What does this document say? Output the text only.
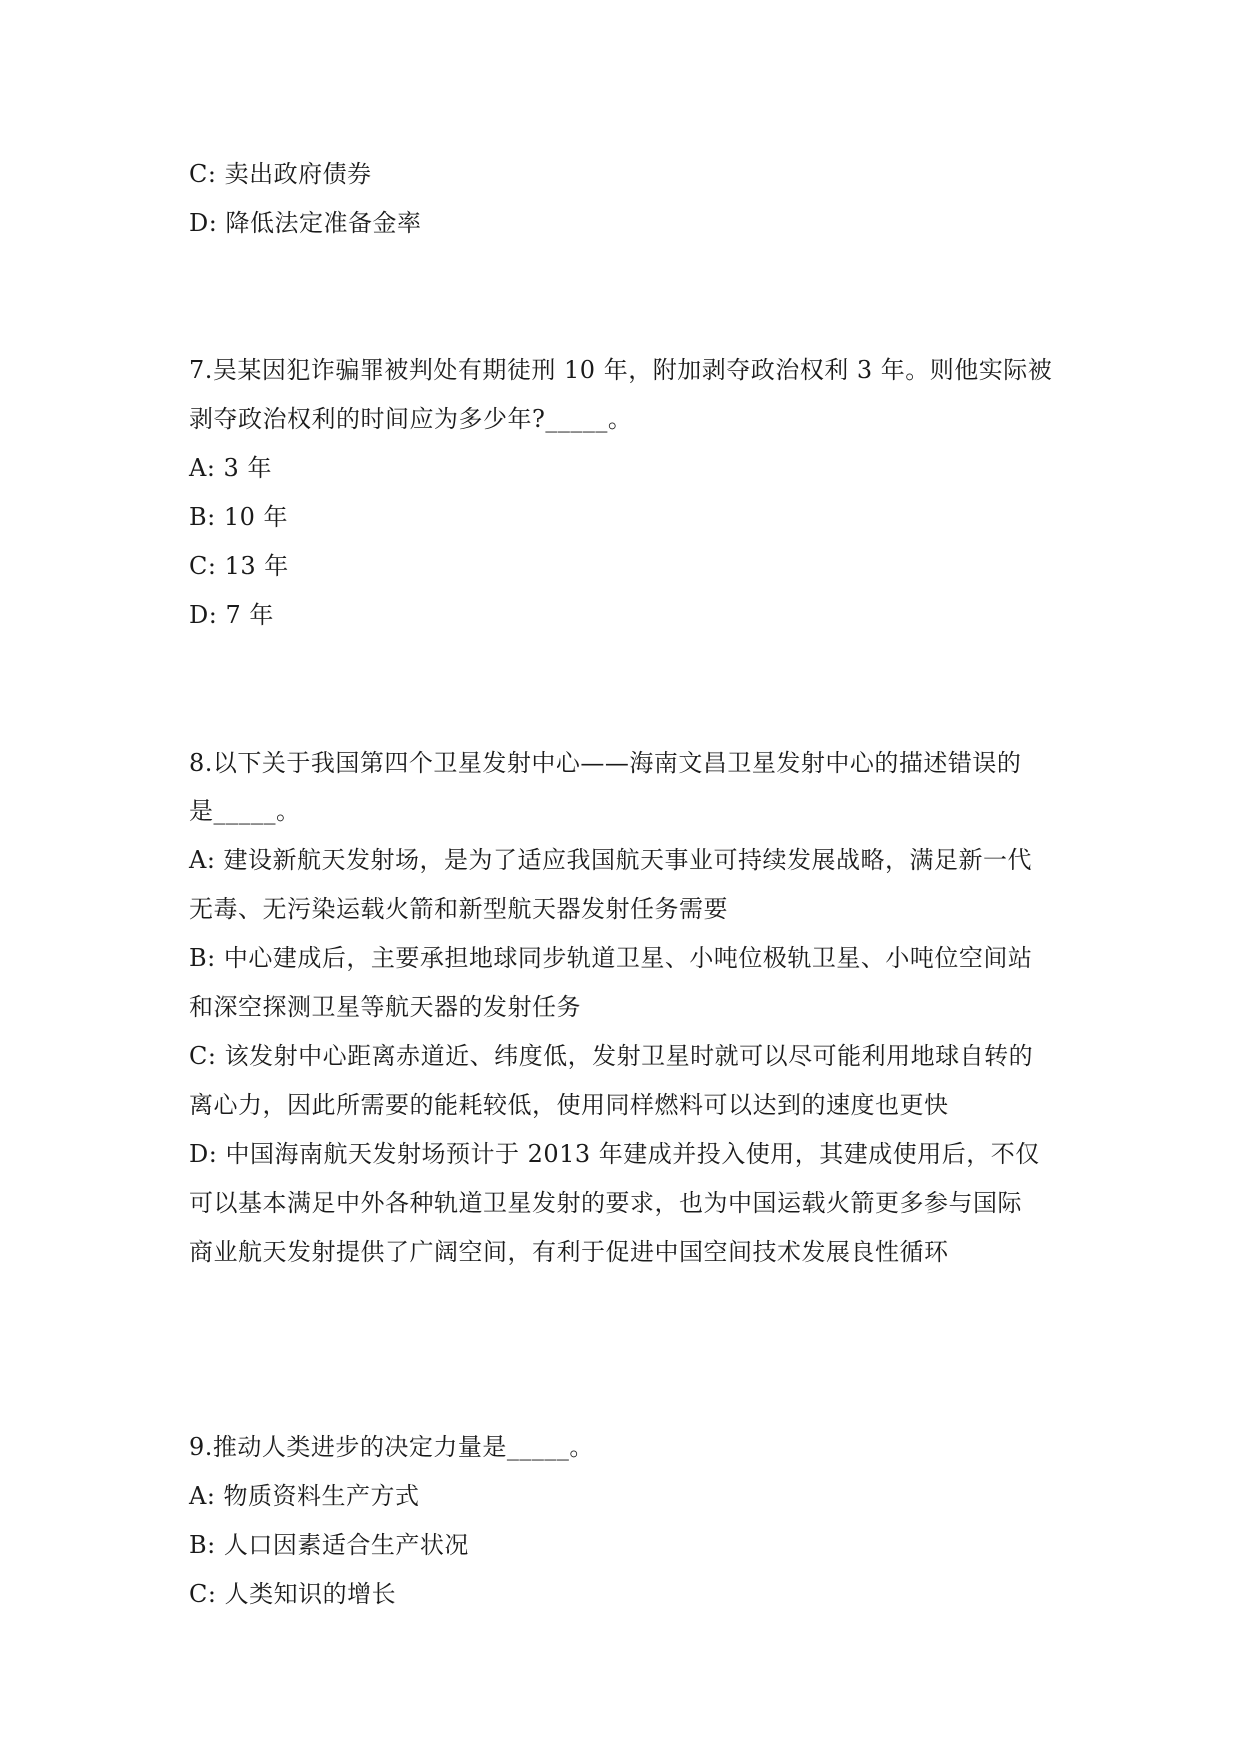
C: 卖出政府债券
D: 降低法定准备金率
7.吴某因犯诈骗罪被判处有期徒刑 10 年，附加剥夺政治权利 3 年。则他实际被
剥夺政治权利的时间应为多少年?_____。
A: 3 年
B: 10 年
C: 13 年
D: 7 年
8.以下关于我国第四个卫星发射中心——海南文昌卫星发射中心的描述错误的
是_____。
A: 建设新航天发射场，是为了适应我国航天事业可持续发展战略，满足新一代
无毒、无污染运载火箭和新型航天器发射任务需要
B: 中心建成后，主要承担地球同步轨道卫星、小吨位极轨卫星、小吨位空间站
和深空探测卫星等航天器的发射任务
C: 该发射中心距离赤道近、纬度低，发射卫星时就可以尽可能利用地球自转的
离心力，因此所需要的能耗较低，使用同样燃料可以达到的速度也更快
D: 中国海南航天发射场预计于 2013 年建成并投入使用，其建成使用后，不仅
可以基本满足中外各种轨道卫星发射的要求，也为中国运载火箭更多参与国际
商业航天发射提供了广阔空间，有利于促进中国空间技术发展良性循环
9.推动人类进步的决定力量是_____。
A: 物质资料生产方式
B: 人口因素适合生产状况
C: 人类知识的增长
